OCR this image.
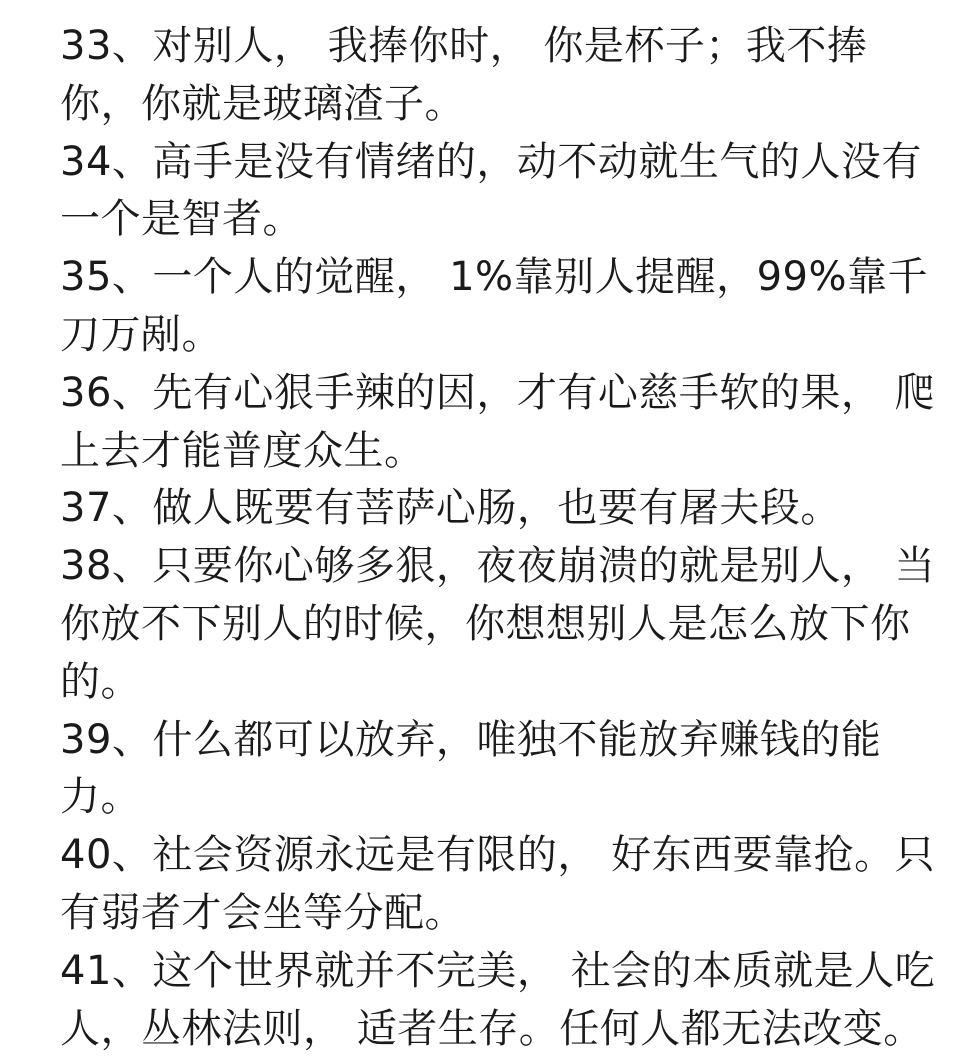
33、对别人， 我捧你时， 你是杯子；我不捧
你，你就是玻璃渣子。
34、高手是没有情绪的，动不动就生气的人没有
一个是智者。
35、一个人的觉醒， 1%靠别人提醒，99%靠千
刀万剐。
36、先有心狠手辣的因，才有心慈手软的果， 爬
上去才能普度众生。
37、做人既要有菩萨心肠，也要有屠夫段。
38、只要你心够多狠，夜夜崩溃的就是别人， 当
你放不下别人的时候，你想想别人是怎么放下你
的。
39、什么都可以放弃，唯独不能放弃赚钱的能
力。
40、社会资源永远是有限的， 好东西要靠抢。只
有弱者才会坐等分配。
41、这个世界就并不完美， 社会的本质就是人吃
人，丛林法则， 适者生存。任何人都无法改变。
